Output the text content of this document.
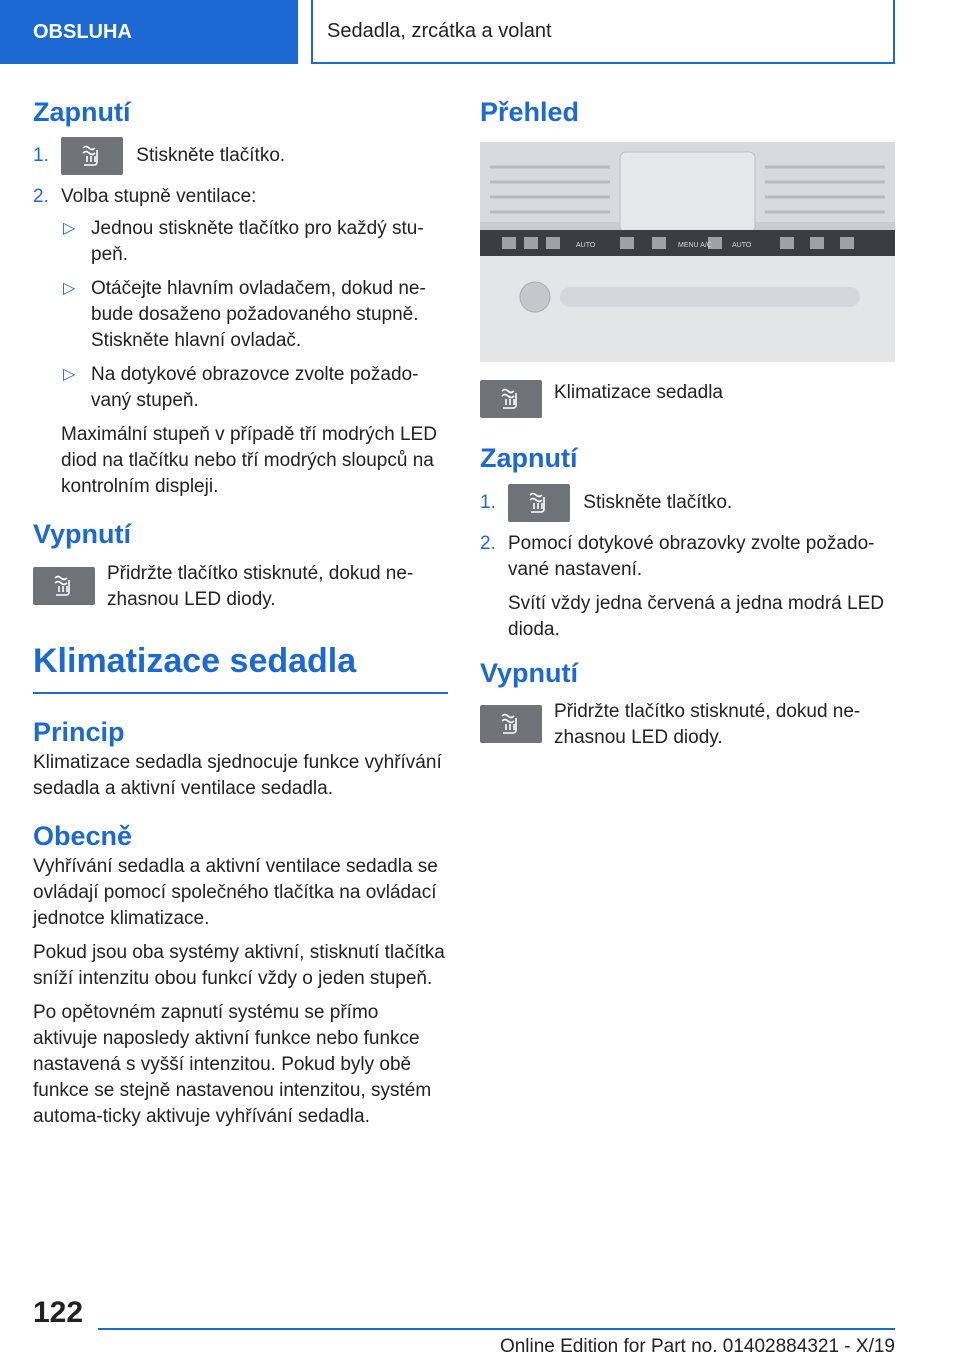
OBSLUHA	Sedadla, zrcátka a volant
Zapnutí
1.	Stiskněte tlačítko.
2. Volba stupně ventilace:
▷ Jednou stiskněte tlačítko pro každý stu-peň.
▷ Otáčejte hlavním ovladačem, dokud ne-bude dosaženo požadovaného stupně. Stiskněte hlavní ovladač.
▷ Na dotykové obrazovce zvolte požado-vaný stupeň.

Maximální stupeň v případě tří modrých LED diod na tlačítku nebo tří modrých sloupců na kontrolním displeji.

Vypnutí

Přidržte tlačítko stisknuté, dokud ne-zhasnou LED diody.

Klimatizace sedadla
Princip

Klimatizace sedadla sjednocuje funkce vyhřívání sedadla a aktivní ventilace sedadla.

Obecně

Vyhřívání sedadla a aktivní ventilace sedadla se ovládají pomocí společného tlačítka na ovládací jednotce klimatizace.

Pokud jsou oba systémy aktivní, stisknutí tlačítka sníží intenzitu obou funkcí vždy o jeden stupeň.

Po opětovném zapnutí systému se přímo aktivuje naposledy aktivní funkce nebo funkce nastavená s vyšší intenzitou. Pokud byly obě funkce se stejně nastavenou intenzitou, systém automa-ticky aktivuje vyhřívání sedadla.

Přehled
MENU A/C
AUTO	AUTO

Klimatizace sedadla

Zapnutí
1.	Stiskněte tlačítko.
2. Pomocí dotykové obrazovky zvolte požado-vané nastavení.

Svítí vždy jedna červená a jedna modrá LED dioda.

Vypnutí

Přidržte tlačítko stisknuté, dokud ne-zhasnou LED diody.

122
Online Edition for Part no. 01402884321 - X/19
